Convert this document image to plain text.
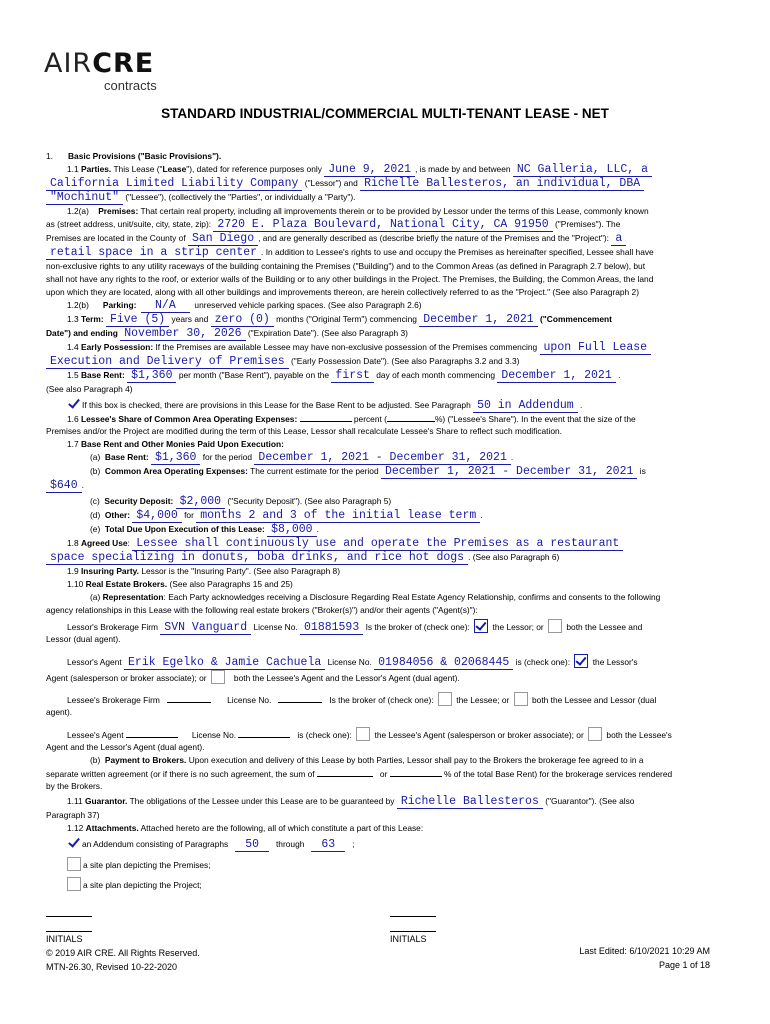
AIRCRE
contracts
STANDARD INDUSTRIAL/COMMERCIAL MULTI-TENANT LEASE - NET
1. Basic Provisions ("Basic Provisions").
1.1 Parties. This Lease ("Lease"), dated for reference purposes only June 9, 2021 , is made by and between NC Galleria, LLC, a
California Limited Liability Company ("Lessor") and Richelle Ballesteros, an individual, DBA
"Mochinut" ("Lessee"), (collectively the "Parties", or individually a "Party").
1.2(a) Premises: That certain real property, including all improvements therein or to be provided by Lessor under the terms of this Lease, commonly known
as (street address, unit/suite, city, state, zip): 2720 E. Plaza Boulevard, National City, CA 91950 ("Premises"). The
Premises are located in the County of San Diego , and are generally described as (describe briefly the nature of the Premises and the "Project"): a
retail space in a strip center . In addition to Lessee's rights to use and occupy the Premises as hereinafter specified, Lessee shall have
non-exclusive rights to any utility raceways of the building containing the Premises ("Building") and to the Common Areas (as defined in Paragraph 2.7 below), but
shall not have any rights to the roof, or exterior walls of the Building or to any other buildings in the Project. The Premises, the Building, the Common Areas, the land
upon which they are located, along with all other buildings and improvements thereon, are herein collectively referred to as the "Project." (See also Paragraph 2)
1.2(b) Parking: N/A unreserved vehicle parking spaces. (See also Paragraph 2.6)
1.3 Term: Five (5) years and zero (0) months ("Original Term") commencing December 1, 2021 ("Commencement
Date") and ending November 30, 2026 ("Expiration Date"). (See also Paragraph 3)
1.4 Early Possession: If the Premises are available Lessee may have non-exclusive possession of the Premises commencing upon Full Lease
Execution and Delivery of Premises ("Early Possession Date"). (See also Paragraphs 3.2 and 3.3)
1.5 Base Rent: $1,360 per month ("Base Rent"), payable on the first day of each month commencing December 1, 2021 .
(See also Paragraph 4)
If this box is checked, there are provisions in this Lease for the Base Rent to be adjusted. See Paragraph 50 in Addendum .
1.6 Lessee's Share of Common Area Operating Expenses:	percent (	%) ("Lessee's Share"). In the event that the size of the
Premises and/or the Project are modified during the term of this Lease, Lessor shall recalculate Lessee's Share to reflect such modification.
1.7 Base Rent and Other Monies Paid Upon Execution:
(a) Base Rent: $1,360 for the period December 1, 2021 - December 31, 2021 .
(b) Common Area Operating Expenses: The current estimate for the period December 1, 2021 - December 31, 2021 is
$640 .
(c) Security Deposit: $2,000 ("Security Deposit"). (See also Paragraph 5)
(d) Other: $4,000 for months 2 and 3 of the initial lease term .
(e) Total Due Upon Execution of this Lease: $8,000 .
1.8 Agreed Use: Lessee shall continuously use and operate the Premises as a restaurant
space specializing in donuts, boba drinks, and rice hot dogs . (See also Paragraph 6)
1.9 Insuring Party. Lessor is the "Insuring Party". (See also Paragraph 8)
1.10 Real Estate Brokers. (See also Paragraphs 15 and 25)
(a) Representation: Each Party acknowledges receiving a Disclosure Regarding Real Estate Agency Relationship, confirms and consents to the following
agency relationships in this Lease with the following real estate brokers ("Broker(s)") and/or their agents ("Agent(s)"):
Lessor's Brokerage Firm SVN Vanguard License No. 01881593 Is the broker of (check one):	the Lessor; or	both the Lessee and
Lessor (dual agent).
Lessor's Agent Erik Egelko & Jamie Cachuela License No. 01984056 & 02068445 is (check one):	the Lessor's
Agent (salesperson or broker associate); or	both the Lessee's Agent and the Lessor's Agent (dual agent).
Lessee's Brokerage Firm	License No.	Is the broker of (check one):	the Lessee; or	both the Lessee and Lessor (dual
agent).
Lessee's Agent	License No.	is (check one):	the Lessee's Agent (salesperson or broker associate); or	both the Lessee's
Agent and the Lessor's Agent (dual agent).
(b) Payment to Brokers. Upon execution and delivery of this Lease by both Parties, Lessor shall pay to the Brokers the brokerage fee agreed to in a
separate written agreement (or if there is no such agreement, the sum of	or	% of the total Base Rent) for the brokerage services rendered
by the Brokers.
1.11 Guarantor. The obligations of the Lessee under this Lease are to be guaranteed by Richelle Ballesteros ("Guarantor"). (See also
Paragraph 37)
1.12 Attachments. Attached hereto are the following, all of which constitute a part of this Lease:
an Addendum consisting of Paragraphs 50 through 63 ;
a site plan depicting the Premises;
a site plan depicting the Project;
INITIALS
© 2019 AIR CRE. All Rights Reserved.
MTN-26.30, Revised 10-22-2020
INITIALS
Last Edited: 6/10/2021 10:29 AM
Page 1 of 18
